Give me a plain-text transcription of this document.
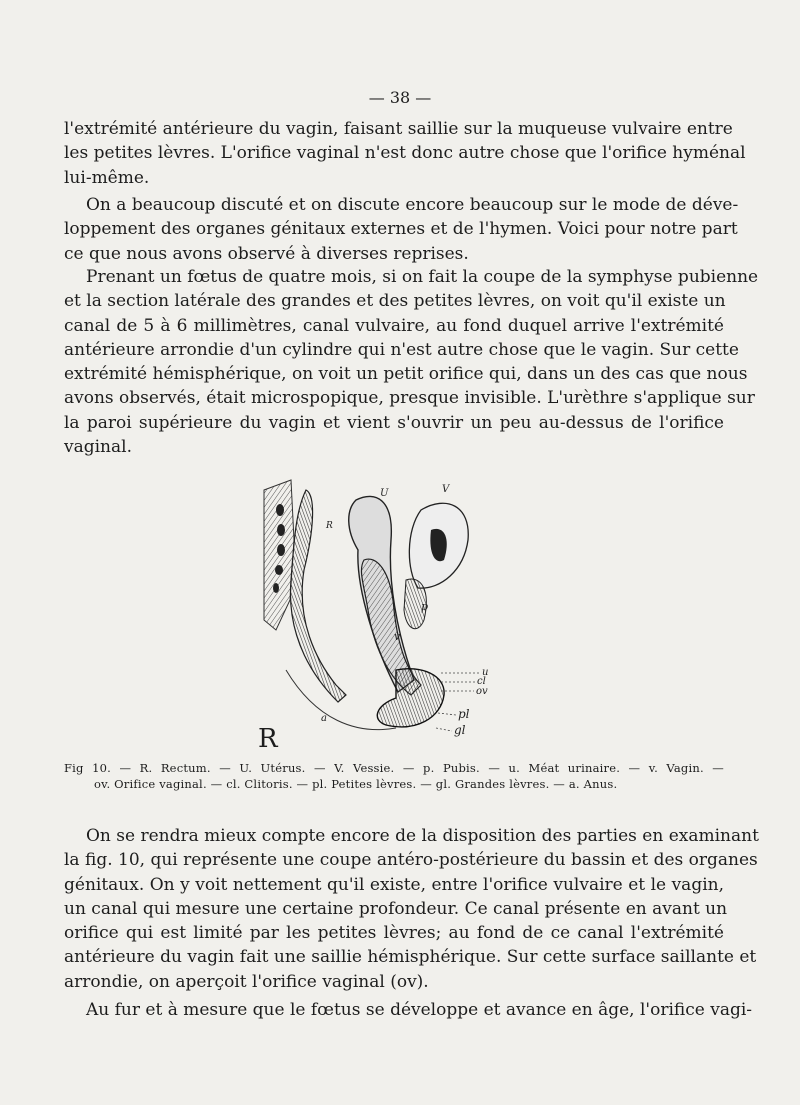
— 38 —

l'extrémité antérieure du vagin, faisant saillie sur la muqueuse vulvaire entre
les petites lèvres. L'orifice vaginal n'est donc autre chose que l'orifice hyménal
lui-même.

On a beaucoup discuté et on discute encore beaucoup sur le mode de déve-
loppement des organes génitaux externes et de l'hymen. Voici pour notre part
ce que nous avons observé à diverses reprises.

Prenant un fœtus de quatre mois, si on fait la coupe de la symphyse pubienne
et la section latérale des grandes et des petites lèvres, on voit qu'il existe un
canal de 5 à 6 millimètres, canal vulvaire, au fond duquel arrive l'extrémité
antérieure arrondie d'un cylindre qui n'est autre chose que le vagin. Sur cette
extrémité hémisphérique, on voit un petit orifice qui, dans un des cas que nous
avons observés, était microspopique, presque invisible. L'urèthre s'applique sur
la paroi supérieure du vagin et vient s'ouvrir un peu au-dessus de l'orifice
vaginal.

U	V
R
p
v
u
cl
ov
pl
gl
a
R
Fig 10. — R. Rectum. — U. Utérus. — V. Vessie. — p. Pubis. — u. Méat urinaire. — v. Vagin. —
ov. Orifice vaginal. — cl. Clitoris. — pl. Petites lèvres. — gl. Grandes lèvres. — a. Anus.

On se rendra mieux compte encore de la disposition des parties en examinant
la fig. 10, qui représente une coupe antéro-postérieure du bassin et des organes
génitaux. On y voit nettement qu'il existe, entre l'orifice vulvaire et le vagin,
un canal qui mesure une certaine profondeur. Ce canal présente en avant un
orifice qui est limité par les petites lèvres; au fond de ce canal l'extrémité
antérieure du vagin fait une saillie hémisphérique. Sur cette surface saillante et
arrondie, on aperçoit l'orifice vaginal (ov).

Au fur et à mesure que le fœtus se développe et avance en âge, l'orifice vagi-
